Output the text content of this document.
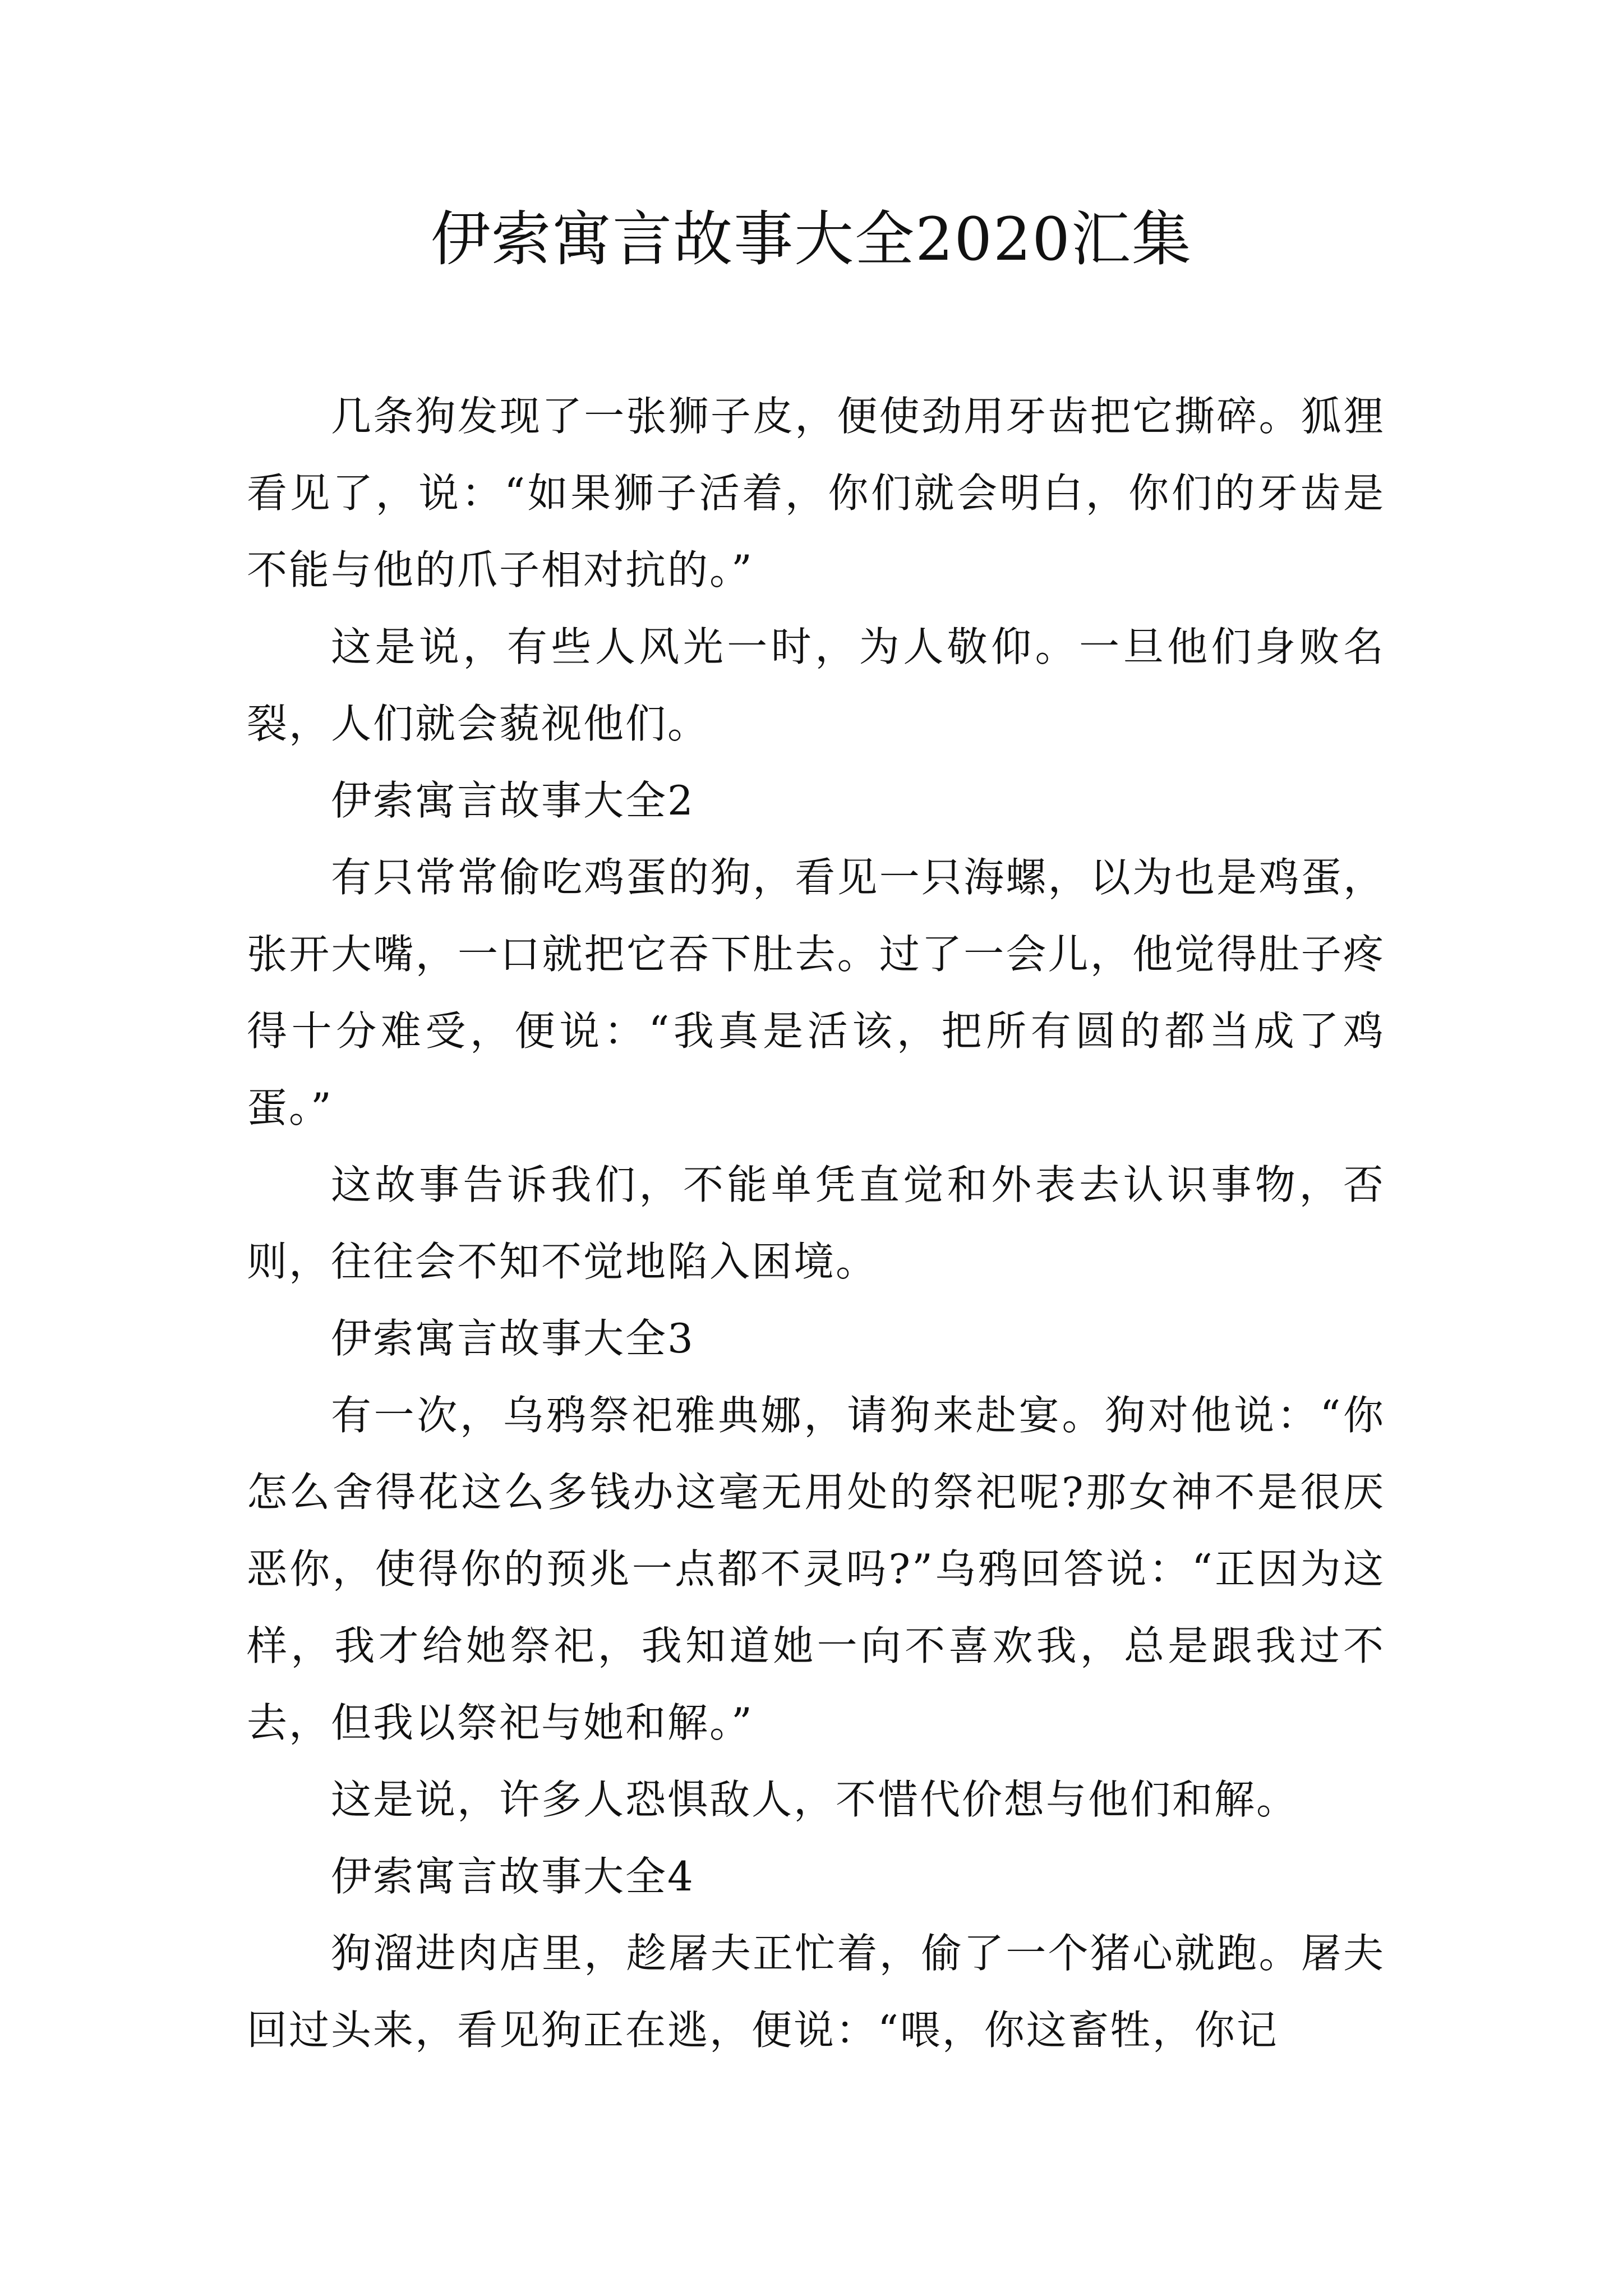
伊索寓言故事大全2020汇集

几条狗发现了一张狮子皮，便使劲用牙齿把它撕碎。狐狸看见了，说：“如果狮子活着，你们就会明白，你们的牙齿是不能与他的爪子相对抗的。”

这是说，有些人风光一时，为人敬仰。一旦他们身败名裂，人们就会藐视他们。

伊索寓言故事大全2

有只常常偷吃鸡蛋的狗，看见一只海螺，以为也是鸡蛋，张开大嘴，一口就把它吞下肚去。过了一会儿，他觉得肚子疼得十分难受，便说：“我真是活该，把所有圆的都当成了鸡蛋。”

这故事告诉我们，不能单凭直觉和外表去认识事物，否则，往往会不知不觉地陷入困境。

伊索寓言故事大全3

有一次，乌鸦祭祀雅典娜，请狗来赴宴。狗对他说：“你怎么舍得花这么多钱办这毫无用处的祭祀呢?那女神不是很厌恶你，使得你的预兆一点都不灵吗?”乌鸦回答说：“正因为这样，我才给她祭祀，我知道她一向不喜欢我，总是跟我过不去，但我以祭祀与她和解。”

这是说，许多人恐惧敌人，不惜代价想与他们和解。

伊索寓言故事大全4

狗溜进肉店里，趁屠夫正忙着，偷了一个猪心就跑。屠夫回过头来，看见狗正在逃，便说：“喂，你这畜牲，你记
